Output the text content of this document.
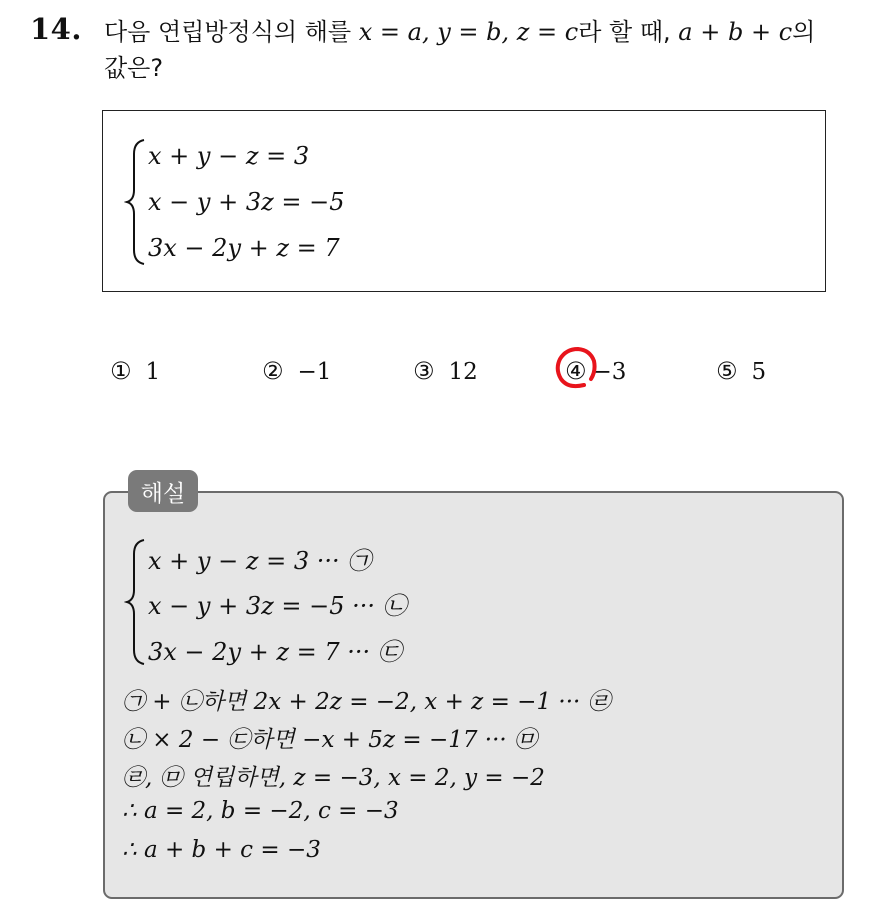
14. 다음 연립방정식의 해를 x = a, y = b, z = c라 할 때, a + b + c의
값은?
x + y − z = 3
x − y + 3z = −5
3x − 2y + z = 7
① 1	② −1	③ 12	④ −3	⑤ 5
해설
x + y − z = 3 ··· ㉠
x − y + 3z = −5 ··· ㉡
3x − 2y + z = 7 ··· ㉢
㉠ + ㉡하면 2x + 2z = −2, x + z = −1 ··· ㉣
㉡ × 2 − ㉢하면 −x + 5z = −17 ··· ㉤
㉣, ㉤ 연립하면, z = −3, x = 2, y = −2
∴ a = 2, b = −2, c = −3
∴ a + b + c = −3
